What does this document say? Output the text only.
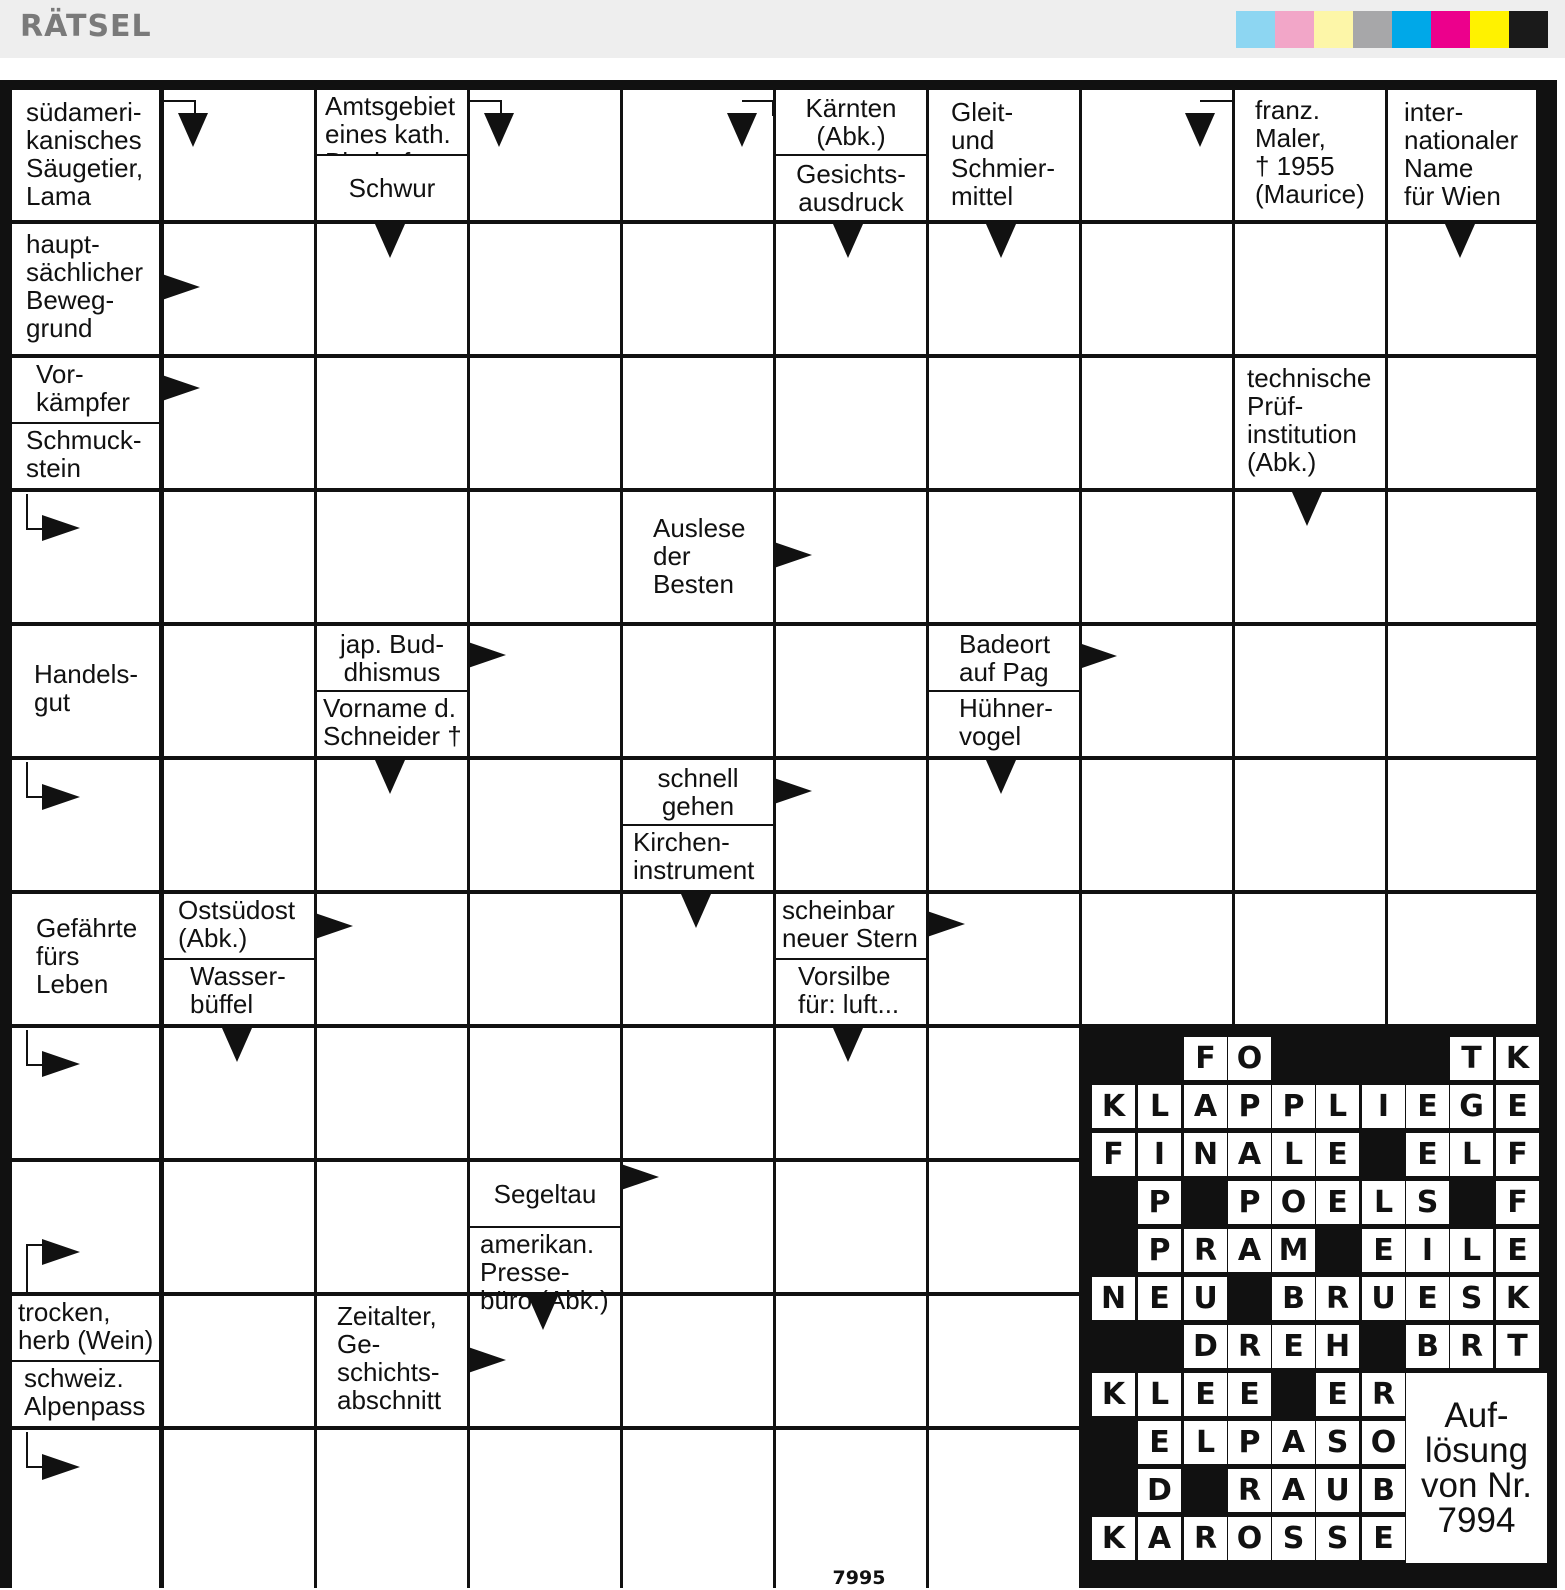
RÄTSEL
südameri-
kanisches
Säugetier,
Lama
Amtsgebiet
eines kath.

Schwur
Kärnten
(Abk.)
Gesichts-
ausdruck
Gleit-
und
Schmier-
mittel
franz.
Maler,
† 1955
(Maurice)
inter-
nationaler
Name
für Wien
haupt-
sächlicher
Beweg-
grund
Vor-
kämpfer
Schmuck-
stein
technische
Prüf-
institution
(Abk.)
Auslese
der
Besten
Handels-
gut
jap. Bud-
dhismus
Vorname d.
Schneider †
Badeort
auf Pag
Hühner-
vogel
schnell
gehen
Kirchen-
instrument
Gefährte
fürs
Leben
Ostsüdost
(Abk.)
Wasser-
büffel
scheinbar
neuer Stern
Vorsilbe
für: luft...
Segeltau
amerikan.
Presse-
büro (Abk.)
trocken,
herb (Wein)
schweiz.
Alpenpass
Zeitalter,
Ge-
schichts-
abschnitt
F O	T K
K L A P P L	I E G E
F	I N A L E	E L F
P	P O E L S	F
P R A M	E I L E
N E U	B R U E S K
D R E H	B R T
K L E E	E R
E L P A S O
D	R A U B
K A R O S S E
Auf-
lösung
von Nr.
7994
7995
